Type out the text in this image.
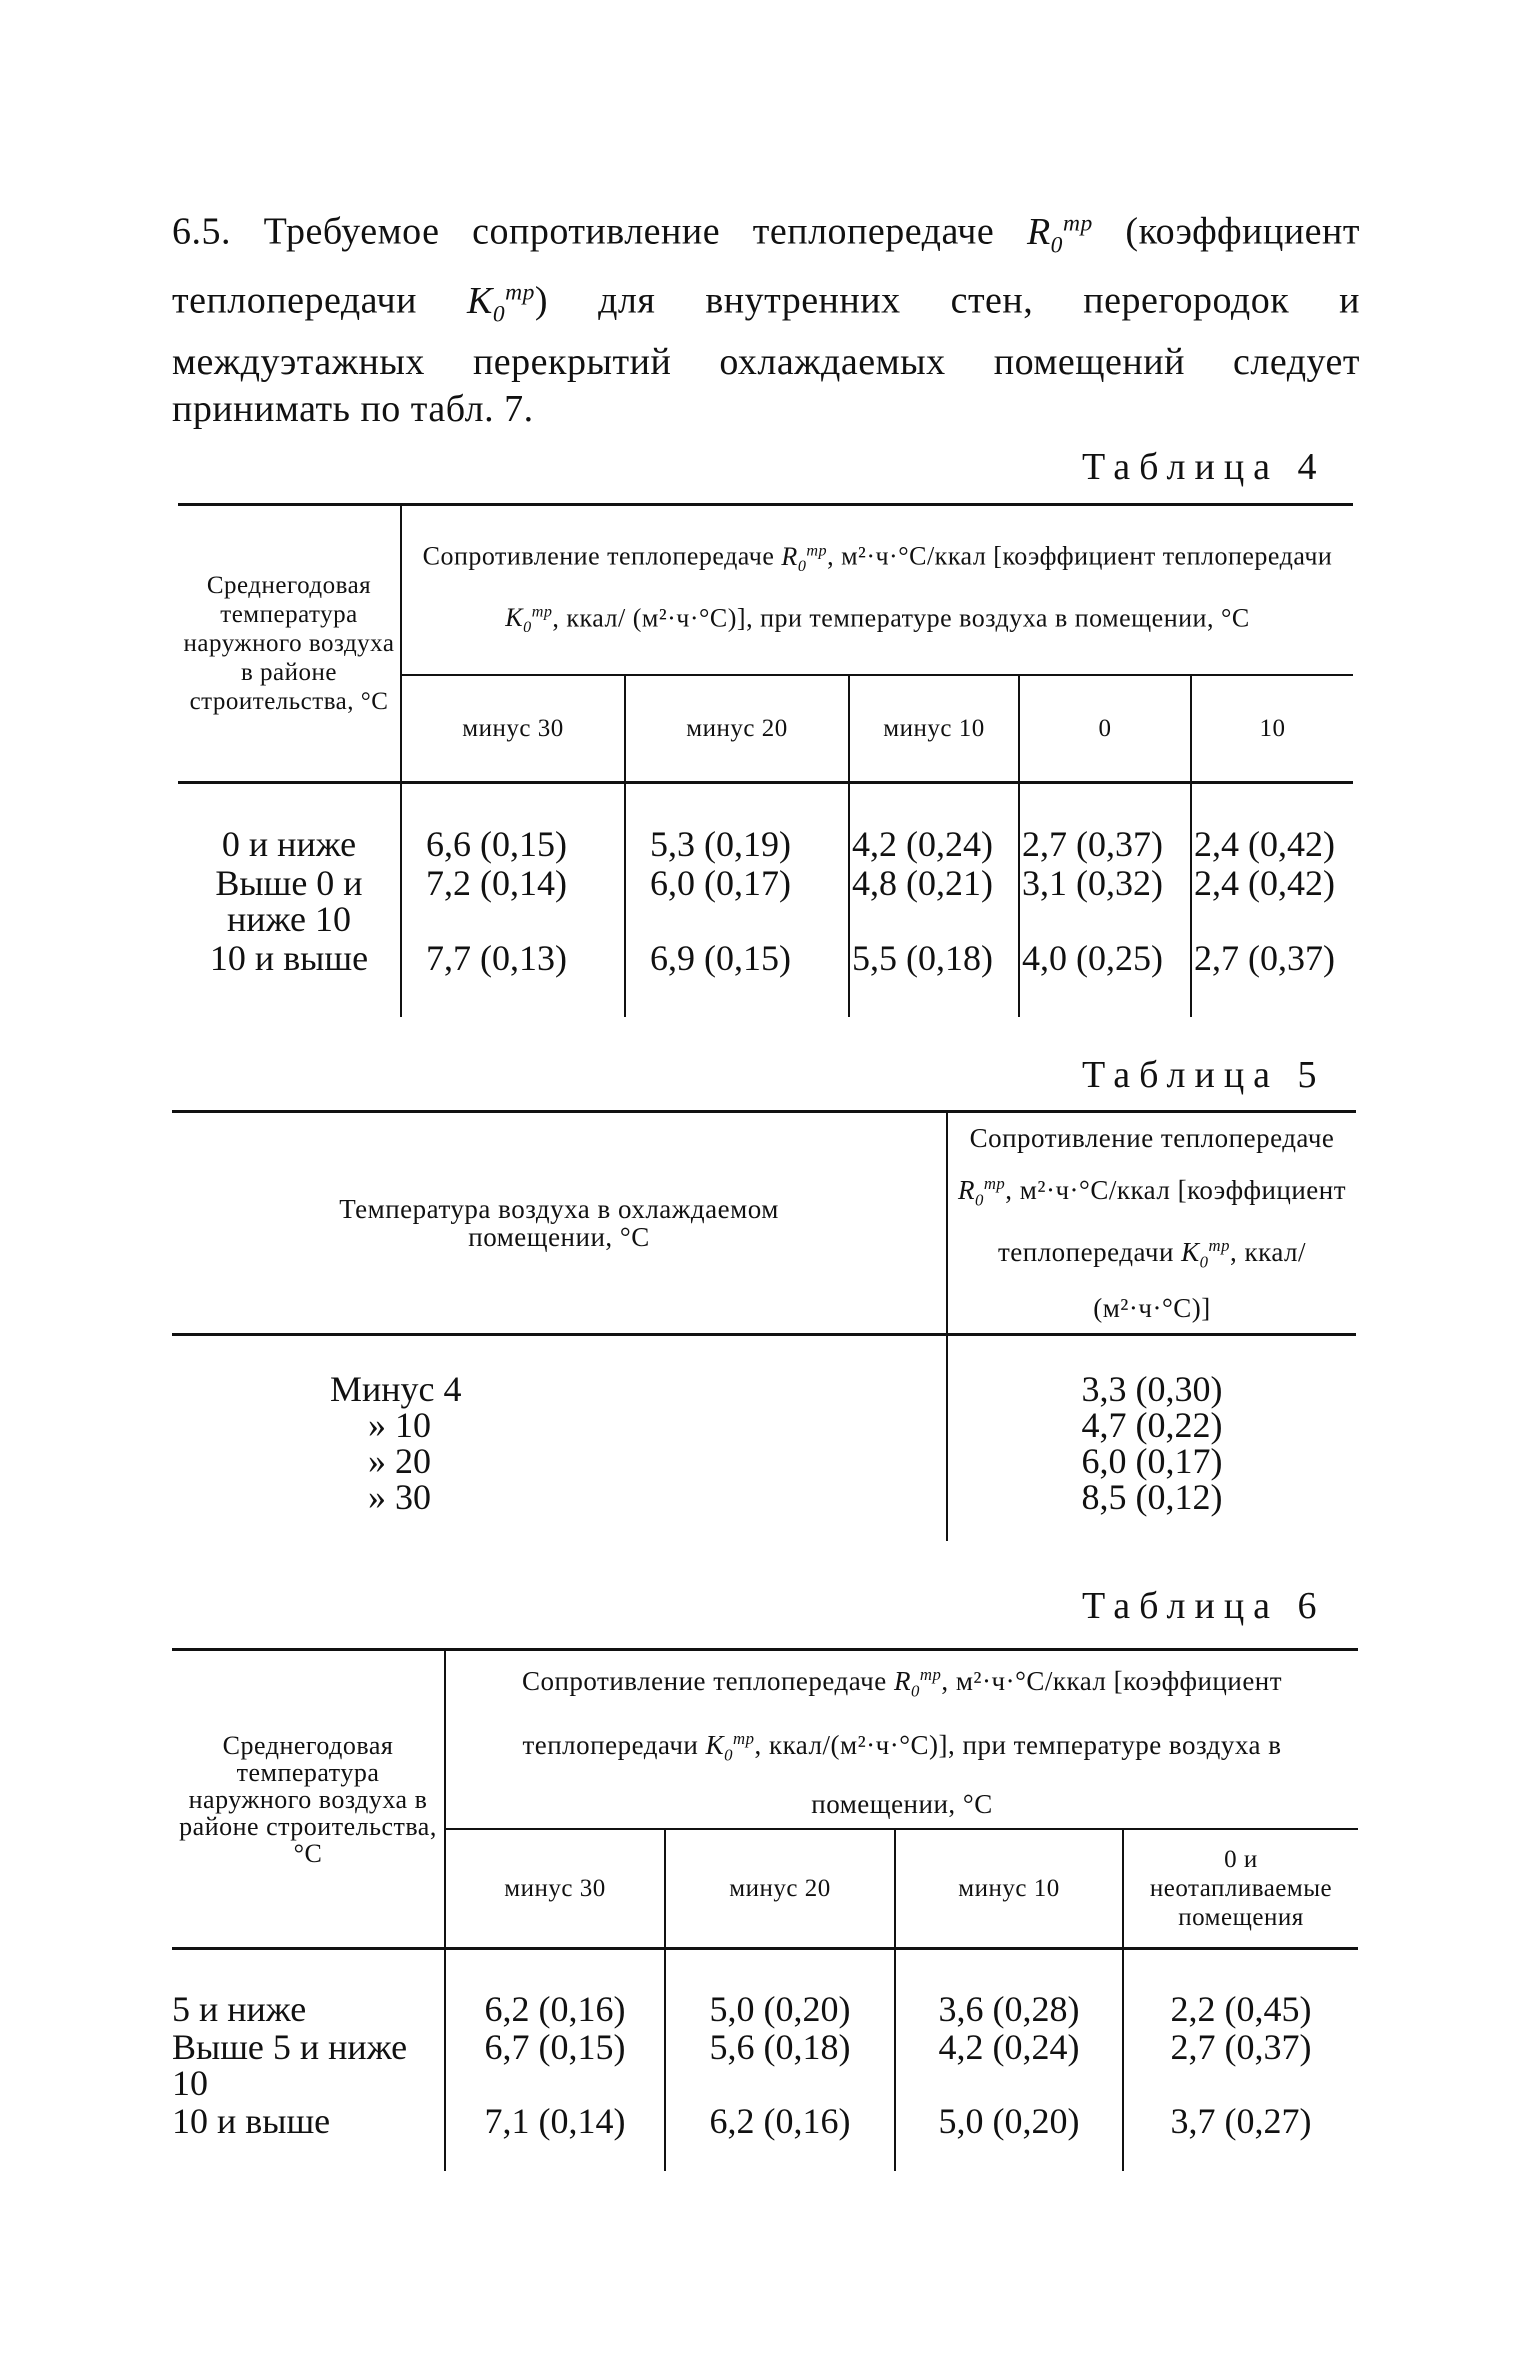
6.5. Требуемое сопротивление теплопередаче $R_0^{тр}$ (коэффициент теплопередачи $K_0^{тр}$) для внутренних стен, перегородок и междуэтажных перекрытий охлаждаемых помещений следует принимать по табл. 7.
Таблица 4
Среднегодовая температура наружного воздуха в районе строительства, °С	Сопротивление теплопередаче $R_0^{тр}$, м²·ч·°С/ккал [коэффициент теплопередачи $K_0^{тр}$, ккал/ (м²·ч·°С)], при температуре воздуха в помещении, °С				
	минус 30	минус 20	минус 10	0	10

0 и ниже	6,6 (0,15)	5,3 (0,19)	4,2 (0,24)	2,7 (0,37)	2,4 (0,42)
Выше 0 и ниже 10	7,2 (0,14)	6,0 (0,17)	4,8 (0,21)	3,1 (0,32)	2,4 (0,42)
10 и выше	7,7 (0,13)	6,9 (0,15)	5,5 (0,18)	4,0 (0,25)	2,7 (0,37)

Таблица 5
Температура воздуха в охлаждаемом помещении, °С	Сопротивление теплопередаче $R_0^{тр}$, м²·ч·°С/ккал [коэффициент теплопередачи $K_0^{тр}$, ккал/ (м²·ч·°С)]

Минус 4	3,3 (0,30)
» 10	4,7 (0,22)
» 20	6,0 (0,17)
» 30	8,5 (0,12)

Таблица 6
Среднегодовая температура наружного воздуха в районе строительства, °С	Сопротивление теплопередаче $R_0^{тр}$, м²·ч·°С/ккал [коэффициент теплопередачи $K_0^{тр}$, ккал/(м²·ч·°С)], при температуре воздуха в помещении, °С			
	минус 30	минус 20	минус 10	0 и неотапливаемые помещения

5 и ниже	6,2 (0,16)	5,0 (0,20)	3,6 (0,28)	2,2 (0,45)
Выше 5 и ниже 10	6,7 (0,15)	5,6 (0,18)	4,2 (0,24)	2,7 (0,37)
10 и выше	7,1 (0,14)	6,2 (0,16)	5,0 (0,20)	3,7 (0,27)
